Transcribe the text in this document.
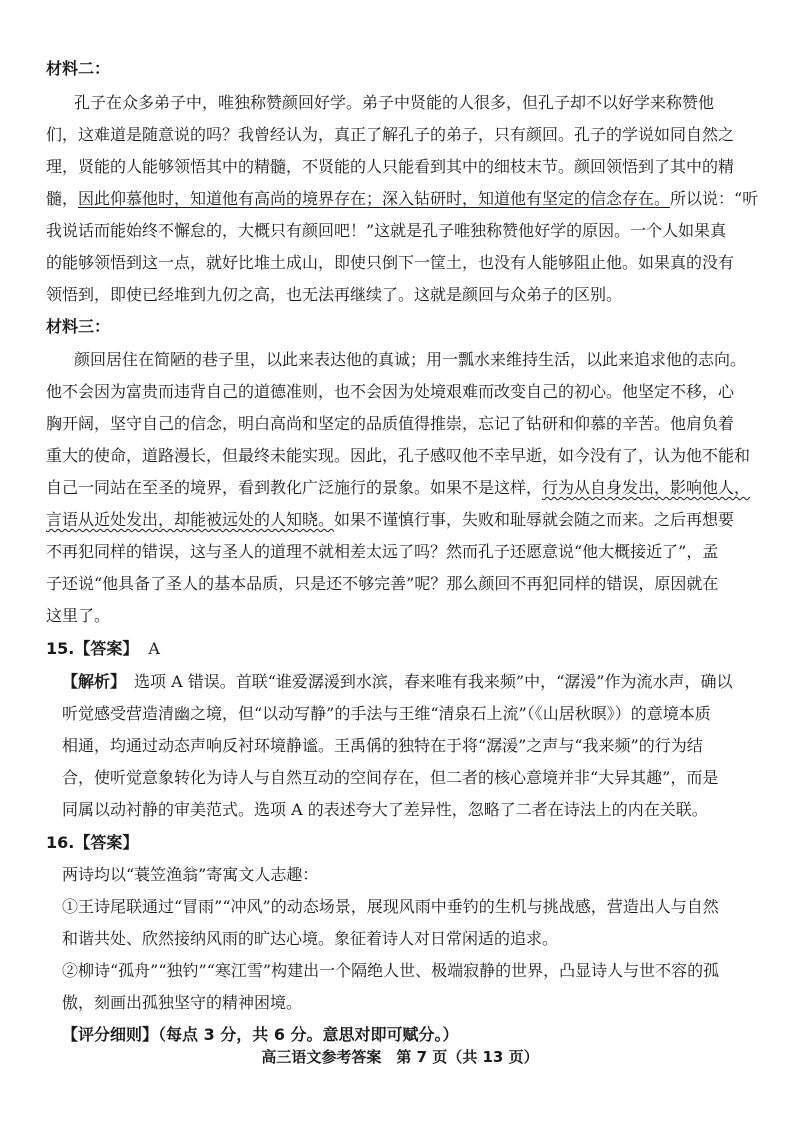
材料二：
孔子在众多弟子中，唯独称赞颜回好学。弟子中贤能的人很多，但孔子却不以好学来称赞他
们，这难道是随意说的吗？我曾经认为，真正了解孔子的弟子，只有颜回。孔子的学说如同自然之
理，贤能的人能够领悟其中的精髓，不贤能的人只能看到其中的细枝末节。颜回领悟到了其中的精
髓，因此仰慕他时，知道他有高尚的境界存在；深入钻研时，知道他有坚定的信念存在。所以说：“听
我说话而能始终不懈怠的，大概只有颜回吧！”这就是孔子唯独称赞他好学的原因。一个人如果真
的能够领悟到这一点，就好比堆土成山，即使只倒下一筐土，也没有人能够阻止他。如果真的没有
领悟到，即使已经堆到九仞之高，也无法再继续了。这就是颜回与众弟子的区别。
材料三：
颜回居住在简陋的巷子里，以此来表达他的真诚；用一瓢水来维持生活，以此来追求他的志向。
他不会因为富贵而违背自己的道德准则，也不会因为处境艰难而改变自己的初心。他坚定不移，心
胸开阔，坚守自己的信念，明白高尚和坚定的品质值得推崇，忘记了钻研和仰慕的辛苦。他肩负着
重大的使命，道路漫长，但最终未能实现。因此，孔子感叹他不幸早逝，如今没有了，认为他不能和
自己一同站在至圣的境界，看到教化广泛施行的景象。如果不是这样，行为从自身发出，影响他人，
言语从近处发出，却能被远处的人知晓。如果不谨慎行事，失败和耻辱就会随之而来。之后再想要
不再犯同样的错误，这与圣人的道理不就相差太远了吗？然而孔子还愿意说“他大概接近了”，孟
子还说“他具备了圣人的基本品质，只是还不够完善”呢？那么颜回不再犯同样的错误，原因就在
这里了。
15.【答案】 A
【解析】 选项 A 错误。首联“谁爱潺湲到水滨，春来唯有我来频”中，“潺湲”作为流水声，确以
听觉感受营造清幽之境，但“以动写静”的手法与王维“清泉石上流”（《山居秋暝》）的意境本质
相通，均通过动态声响反衬环境静谧。王禹偁的独特在于将“潺湲”之声与“我来频”的行为结
合，使听觉意象转化为诗人与自然互动的空间存在，但二者的核心意境并非“大异其趣”，而是
同属以动衬静的审美范式。选项 A 的表述夸大了差异性，忽略了二者在诗法上的内在关联。
16.【答案】
两诗均以“蓑笠渔翁”寄寓文人志趣：
①王诗尾联通过“冒雨”“冲风”的动态场景，展现风雨中垂钓的生机与挑战感，营造出人与自然
和谐共处、欣然接纳风雨的旷达心境。象征着诗人对日常闲适的追求。
②柳诗“孤舟”“独钓”“寒江雪”构建出一个隔绝人世、极端寂静的世界，凸显诗人与世不容的孤
傲，刻画出孤独坚守的精神困境。
【评分细则】（每点 3 分，共 6 分。意思对即可赋分。）
高三语文参考答案　第 7 页（共 13 页）
